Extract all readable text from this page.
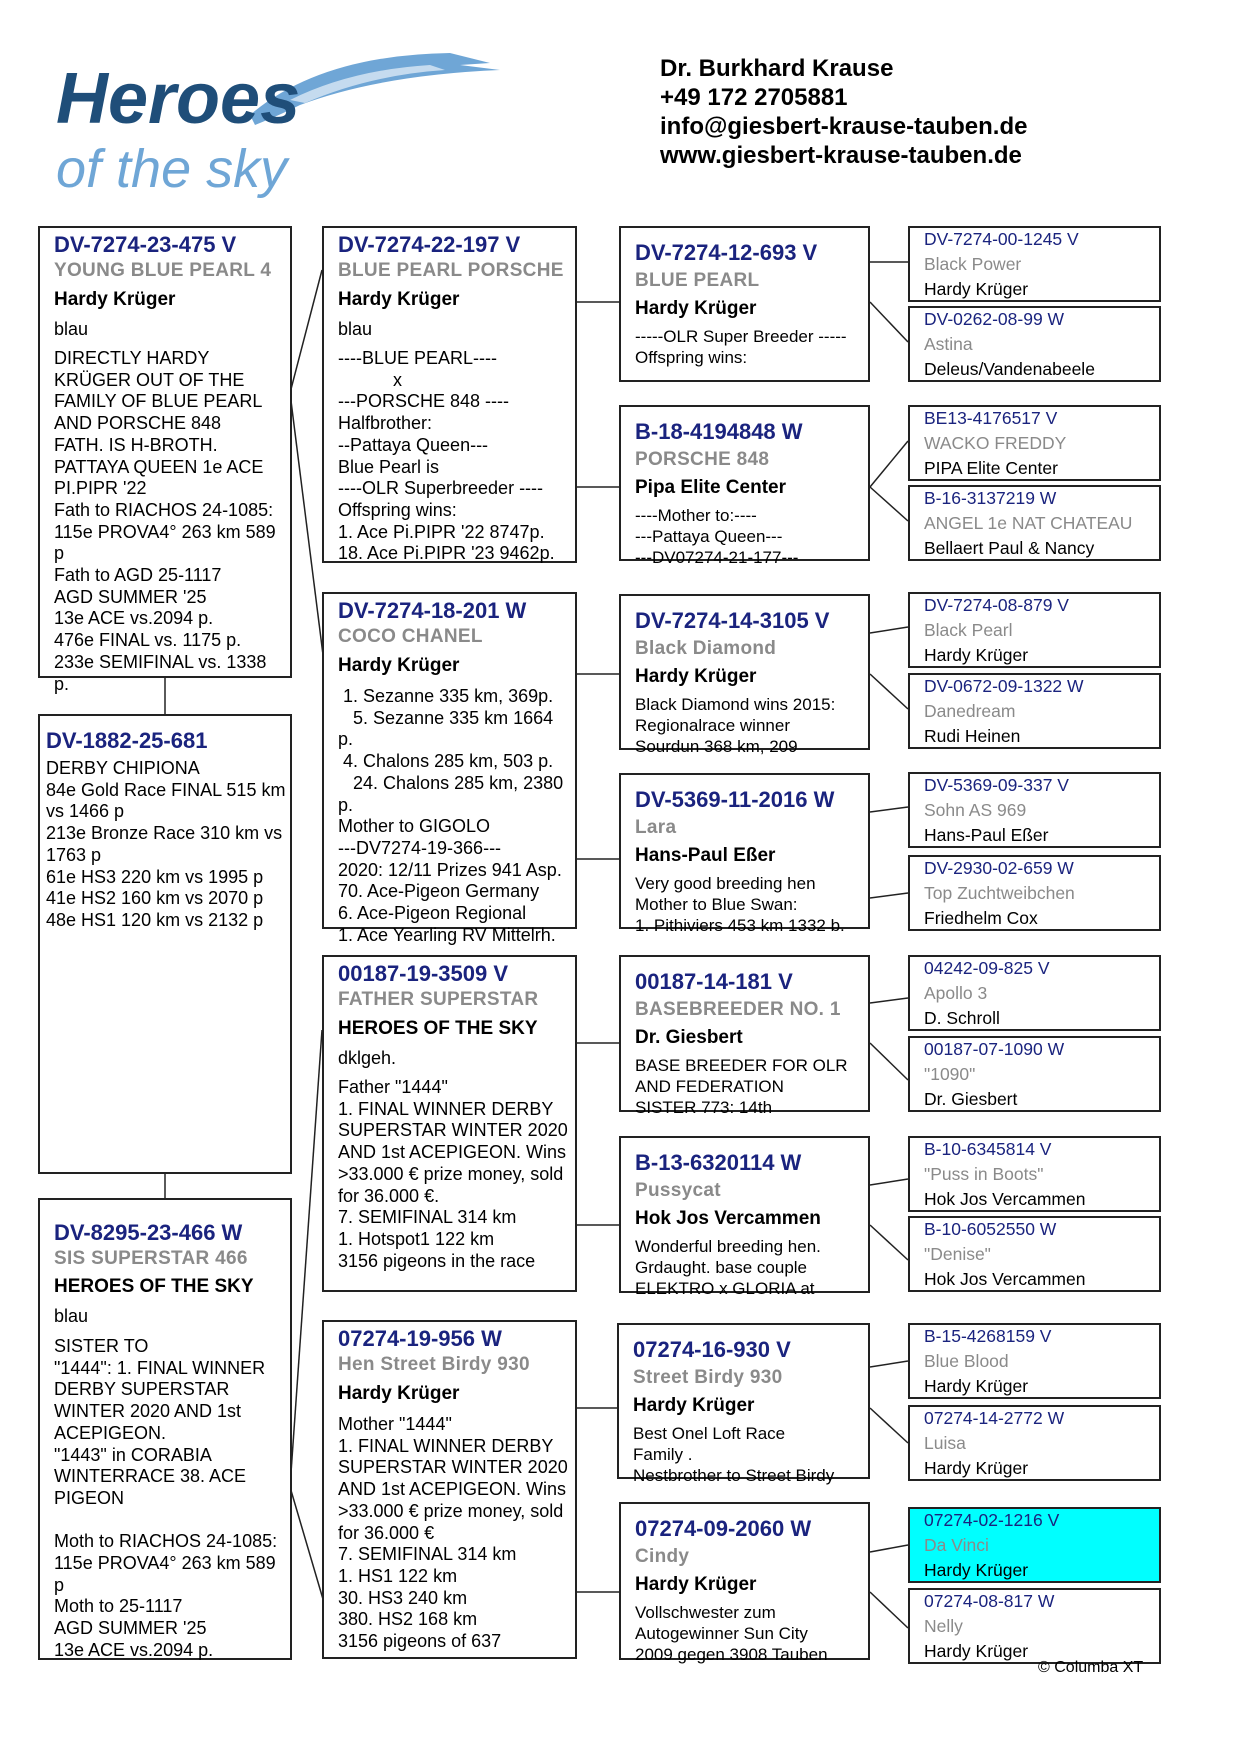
Heroes
of the sky
Dr. Burkhard Krause
+49 172 2705881
info@giesbert-krause-tauben.de
www.giesbert-krause-tauben.de
DV-7274-23-475 V
YOUNG BLUE PEARL 4
Hardy Krüger
blau
DIRECTLY HARDY KRÜGER OUT OF THE FAMILY OF BLUE PEARL AND PORSCHE 848
FATH. IS H-BROTH. PATTAYA QUEEN 1e ACE PI.PIPR '22
Fath to RIACHOS 24-1085: 115e PROVA4° 263 km 589 p
Fath to AGD 25-1117
AGD SUMMER '25
13e ACE vs.2094 p.
476e FINAL vs. 1175 p.
233e SEMIFINAL vs. 1338 p.
DV-1882-25-681
DERBY CHIPIONA
84e Gold Race FINAL 515 km vs 1466 p
213e Bronze Race 310 km vs 1763 p
61e HS3 220 km vs 1995 p
41e HS2 160 km vs 2070 p
48e HS1 120 km vs 2132 p
DV-8295-23-466 W
SIS SUPERSTAR 466
HEROES OF THE SKY
blau
SISTER TO
"1444": 1. FINAL WINNER DERBY SUPERSTAR WINTER 2020 AND 1st ACEPIGEON.
"1443" in CORABIA WINTERRACE 38. ACE PIGEON

Moth to RIACHOS 24-1085: 115e PROVA4° 263 km 589 p
Moth to 25-1117
AGD SUMMER '25
13e ACE vs.2094 p.
DV-7274-22-197 V
BLUE PEARL PORSCHE
Hardy Krüger
blau
----BLUE PEARL----
x
---PORSCHE 848 ----
Halfbrother:
--Pattaya Queen---
Blue Pearl is
----OLR Superbreeder ----
Offspring wins:
1. Ace Pi.PIPR '22 8747p.
18. Ace Pi.PIPR '23 9462p.
DV-7274-18-201 W
COCO CHANEL
Hardy Krüger
1. Sezanne 335 km, 369p.
5. Sezanne 335 km 1664 p.
4. Chalons 285 km, 503 p.
24. Chalons 285 km, 2380 p.
Mother to GIGOLO
---DV7274-19-366---
2020: 12/11 Prizes 941 Asp.
70. Ace-Pigeon Germany
6. Ace-Pigeon Regional
1. Ace Yearling RV Mittelrh.
00187-19-3509 V
FATHER SUPERSTAR
HEROES OF THE SKY
dklgeh.
Father "1444"
1. FINAL WINNER DERBY SUPERSTAR WINTER 2020 AND 1st ACEPIGEON. Wins >33.000 € prize money, sold for 36.000 €.
7. SEMIFINAL 314 km
1. Hotspot1 122 km
3156 pigeons in the race
07274-19-956 W
Hen Street Birdy 930
Hardy Krüger
Mother "1444"
1. FINAL WINNER DERBY SUPERSTAR WINTER 2020 AND 1st ACEPIGEON. Wins >33.000 € prize money, sold for 36.000 €
7. SEMIFINAL 314 km
1. HS1 122 km
30. HS3 240 km
380. HS2 168 km
3156 pigeons of 637
DV-7274-12-693 V
BLUE PEARL
Hardy Krüger
-----OLR Super Breeder -----
Offspring wins:
B-18-4194848 W
PORSCHE 848
Pipa Elite Center
----Mother to:----
---Pattaya Queen---
---DV07274-21-177---
DV-7274-14-3105 V
Black Diamond
Hardy Krüger
Black Diamond wins 2015:
Regionalrace winner
Sourdun 368 km, 209
DV-5369-11-2016 W
Lara
Hans-Paul Eßer
Very good breeding hen
Mother to Blue Swan:
1. Pithiviers 453 km 1332 b.
00187-14-181 V
BASEBREEDER NO. 1
Dr. Giesbert
BASE BREEDER FOR OLR AND FEDERATION
SISTER 773: 14th
B-13-6320114 W
Pussycat
Hok Jos Vercammen
Wonderful breeding hen.
Grdaught. base couple
ELEKTRO x GLORIA at
07274-16-930 V
Street Birdy 930
Hardy Krüger
Best Onel Loft Race
Family .
Nestbrother to Street Birdy
07274-09-2060 W
Cindy
Hardy Krüger
Vollschwester zum
Autogewinner Sun City
2009 gegen 3908 Tauben
DV-7274-00-1245 V
Black Power
Hardy Krüger
DV-0262-08-99 W
Astina
Deleus/Vandenabeele
BE13-4176517 V
WACKO FREDDY
PIPA Elite Center
B-16-3137219 W
ANGEL 1e NAT CHATEAU
Bellaert Paul & Nancy
DV-7274-08-879 V
Black Pearl
Hardy Krüger
DV-0672-09-1322 W
Danedream
Rudi Heinen
DV-5369-09-337 V
Sohn AS 969
Hans-Paul Eßer
DV-2930-02-659 W
Top Zuchtweibchen
Friedhelm Cox
04242-09-825 V
Apollo 3
D. Schroll
00187-07-1090 W
"1090"
Dr. Giesbert
B-10-6345814 V
"Puss in Boots"
Hok Jos Vercammen
B-10-6052550 W
"Denise"
Hok Jos Vercammen
B-15-4268159 V
Blue Blood
Hardy Krüger
07274-14-2772 W
Luisa
Hardy Krüger
07274-02-1216 V
Da Vinci
Hardy Krüger
07274-08-817 W
Nelly
Hardy Krüger
© Columba XT
